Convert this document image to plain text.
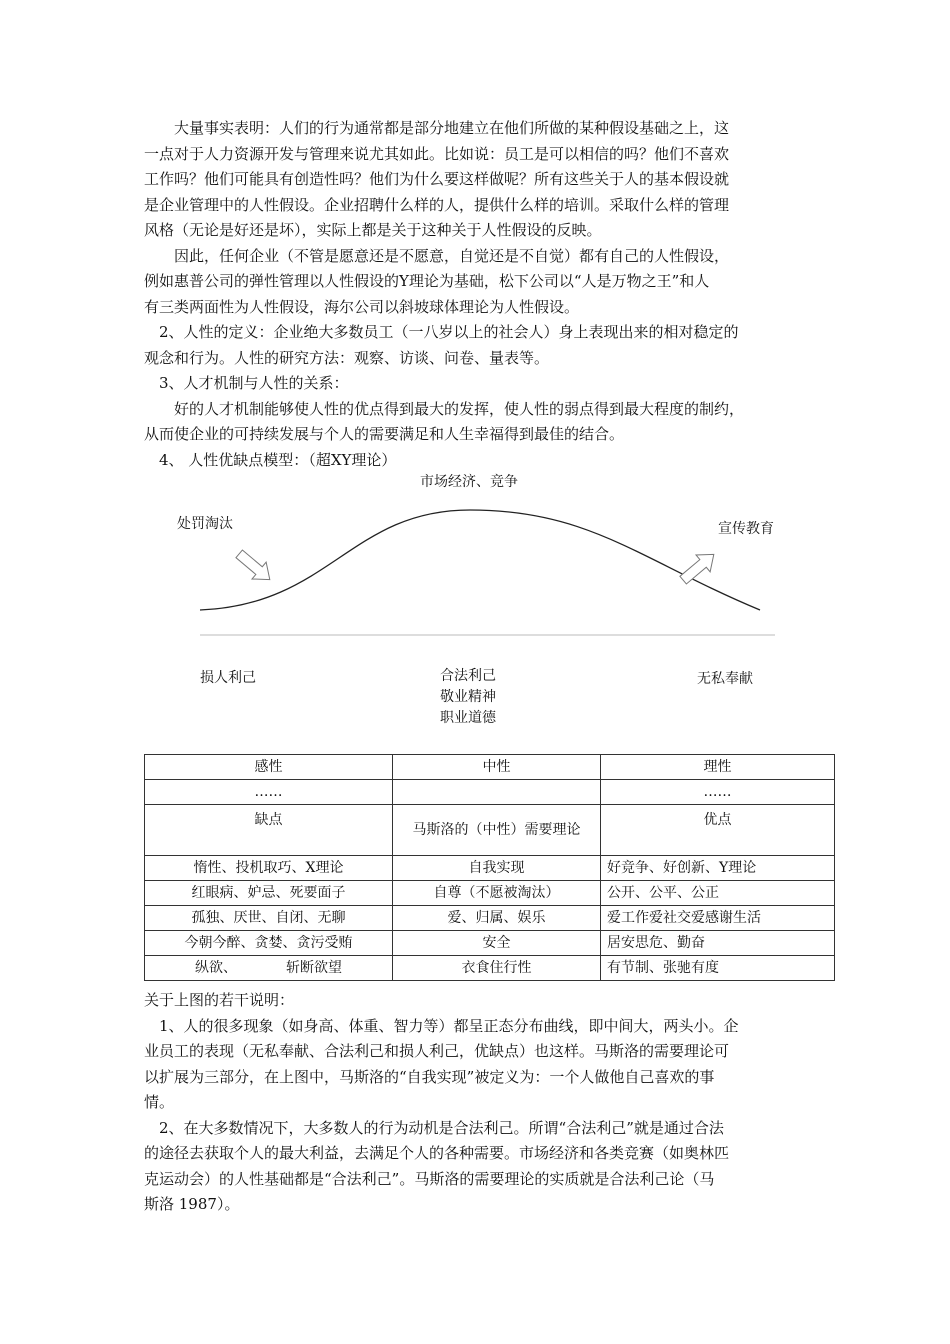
　　大量事实表明：人们的行为通常都是部分地建立在他们所做的某种假设基础之上，这
一点对于人力资源开发与管理来说尤其如此。比如说：员工是可以相信的吗？他们不喜欢
工作吗？他们可能具有创造性吗？他们为什么要这样做呢？所有这些关于人的基本假设就
是企业管理中的人性假设。企业招聘什么样的人，提供什么样的培训。采取什么样的管理
风格（无论是好还是坏），实际上都是关于这种关于人性假设的反映。
　　因此，任何企业（不管是愿意还是不愿意，自觉还是不自觉）都有自己的人性假设，
例如惠普公司的弹性管理以人性假设的Y理论为基础，松下公司以“人是万物之王”和人
有三类两面性为人性假设，海尔公司以斜坡球体理论为人性假设。
　2、人性的定义：企业绝大多数员工（一八岁以上的社会人）身上表现出来的相对稳定的
观念和行为。人性的研究方法：观察、访谈、问卷、量表等。
　3、人才机制与人性的关系：
　　好的人才机制能够使人性的优点得到最大的发挥，使人性的弱点得到最大程度的制约，
从而使企业的可持续发展与个人的需要满足和人生幸福得到最佳的结合。
　4、 人性优缺点模型：（超XY理论）
市场经济、竞争
处罚淘汰	宣传教育
损人利己	合法利己
敬业精神
职业道德
无私奉献
感性	中性	理性
……		……
缺点	马斯洛的（中性）需要理论	优点
惰性、投机取巧、X理论	自我实现	好竞争、好创新、Y理论
红眼病、妒忌、死要面子	自尊（不愿被淘汰）	公开、公平、公正
孤独、厌世、自闭、无聊	爱、归属、娱乐	爱工作爱社交爱感谢生活
今朝今醉、贪婪、贪污受贿	安全	居安思危、勤奋
纵欲、　　　　斩断欲望	衣食住行性	有节制、张驰有度
关于上图的若干说明：
　1、人的很多现象（如身高、体重、智力等）都呈正态分布曲线，即中间大，两头小。企
业员工的表现（无私奉献、合法利己和损人利己，优缺点）也这样。马斯洛的需要理论可
以扩展为三部分，在上图中，马斯洛的“自我实现”被定义为：一个人做他自己喜欢的事
情。
　2、在大多数情况下，大多数人的行为动机是合法利己。所谓“合法利己”就是通过合法
的途径去获取个人的最大利益，去满足个人的各种需要。市场经济和各类竞赛（如奥林匹
克运动会）的人性基础都是“合法利己”。马斯洛的需要理论的实质就是合法利己论（马
斯洛 1987）。
